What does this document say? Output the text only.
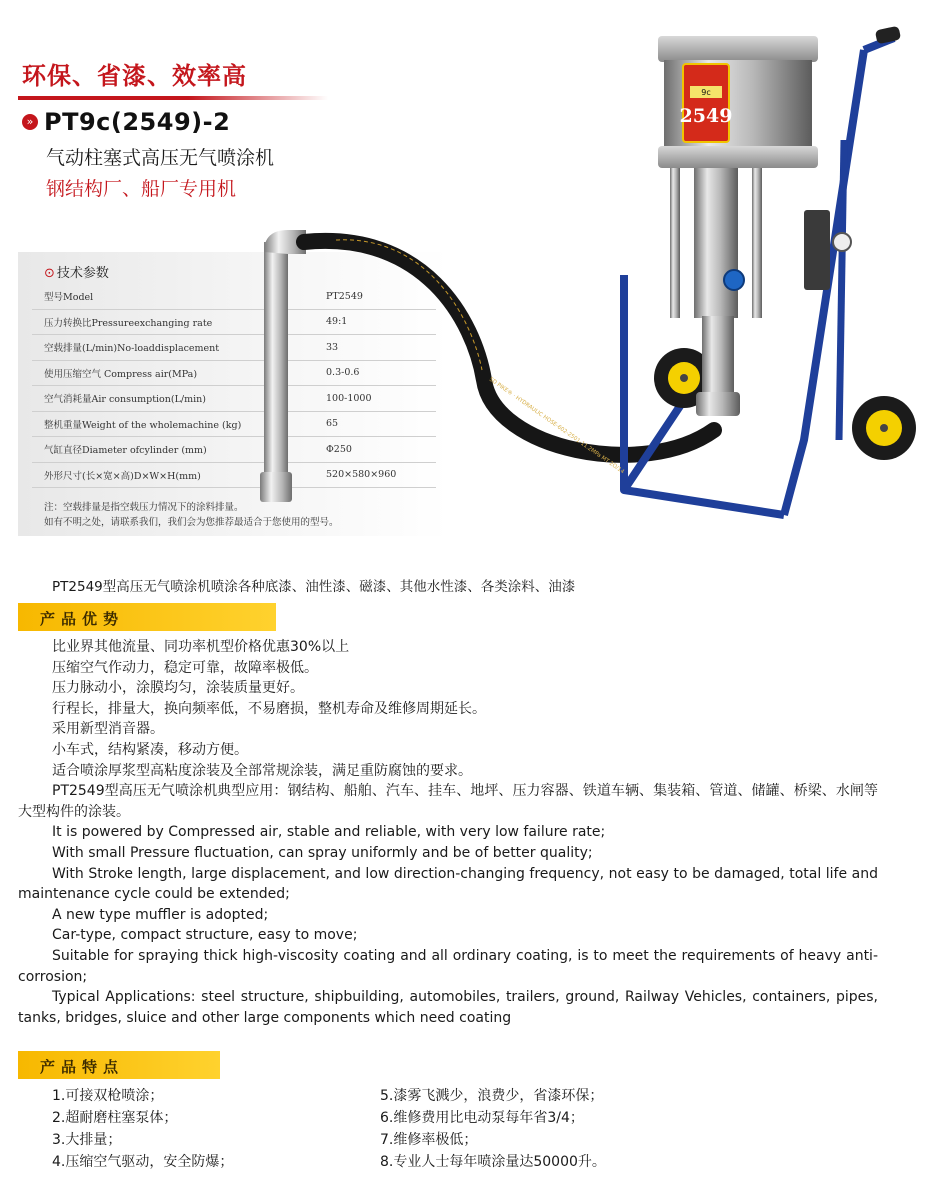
环保、省漆、效率高
» PT9c(2549)-2
气动柱塞式高压无气喷涂机
钢结构厂、船厂专用机
⊙ 技术参数
型号Model	PT2549
压力转换比Pressureexchanging rate	49:1
空载排量(L/min)No-loaddisplacement	33
使用压缩空气 Compress air(MPa)	0.3-0.6
空气消耗量Air consumption(L/min)	100-1000
整机重量Weight of the wholemachine (kg)	65
气缸直径Diameter ofcylinder (mm)	Φ250
外形尺寸(长×宽×高)D×W×H(mm)	520×580×960
注：空载排量是指空载压力情况下的涂料排量。
如有不明之处，请联系我们，我们会为您推荐最适合于您使用的型号。
9c
2549
SD PIKE® · HYDRAULIC HOSE-602-2501-11.2MPa MT 2O/14
PT2549型高压无气喷涂机喷涂各种底漆、油性漆、磁漆、其他水性漆、各类涂料、油漆
产品优势

比业界其他流量、同功率机型价格优惠30%以上

压缩空气作动力，稳定可靠，故障率极低。

压力脉动小，涂膜均匀，涂装质量更好。

行程长，排量大，换向频率低，不易磨损，整机寿命及维修周期延长。

采用新型消音器。

小车式，结构紧凑，移动方便。

适合喷涂厚浆型高粘度涂装及全部常规涂装，满足重防腐蚀的要求。

PT2549型高压无气喷涂机典型应用：钢结构、船舶、汽车、挂车、地坪、压力容器、铁道车辆、集装箱、管道、储罐、桥梁、水闸等大型构件的涂装。

It is powered by Compressed air, stable and reliable, with very low failure rate;

With small Pressure fluctuation, can spray uniformly and be of better quality;

With Stroke length, large displacement, and low direction-changing frequency, not easy to be damaged, total life and maintenance cycle could be extended;

A new type muffler is adopted;

Car-type, compact structure, easy to move;

Suitable for spraying thick high-viscosity coating and all ordinary coating, is to meet the requirements of heavy anti-corrosion;

Typical Applications: steel structure, shipbuilding, automobiles, trailers, ground, Railway Vehicles, containers, pipes, tanks, bridges, sluice and other large components which need coating

产品特点
1.可接双枪喷涂；
2.超耐磨柱塞泵体；
3.大排量；
4.压缩空气驱动，安全防爆；
5.漆雾飞溅少，浪费少，省漆环保；
6.维修费用比电动泵每年省3/4；
7.维修率极低；
8.专业人士每年喷涂量达50000升。
